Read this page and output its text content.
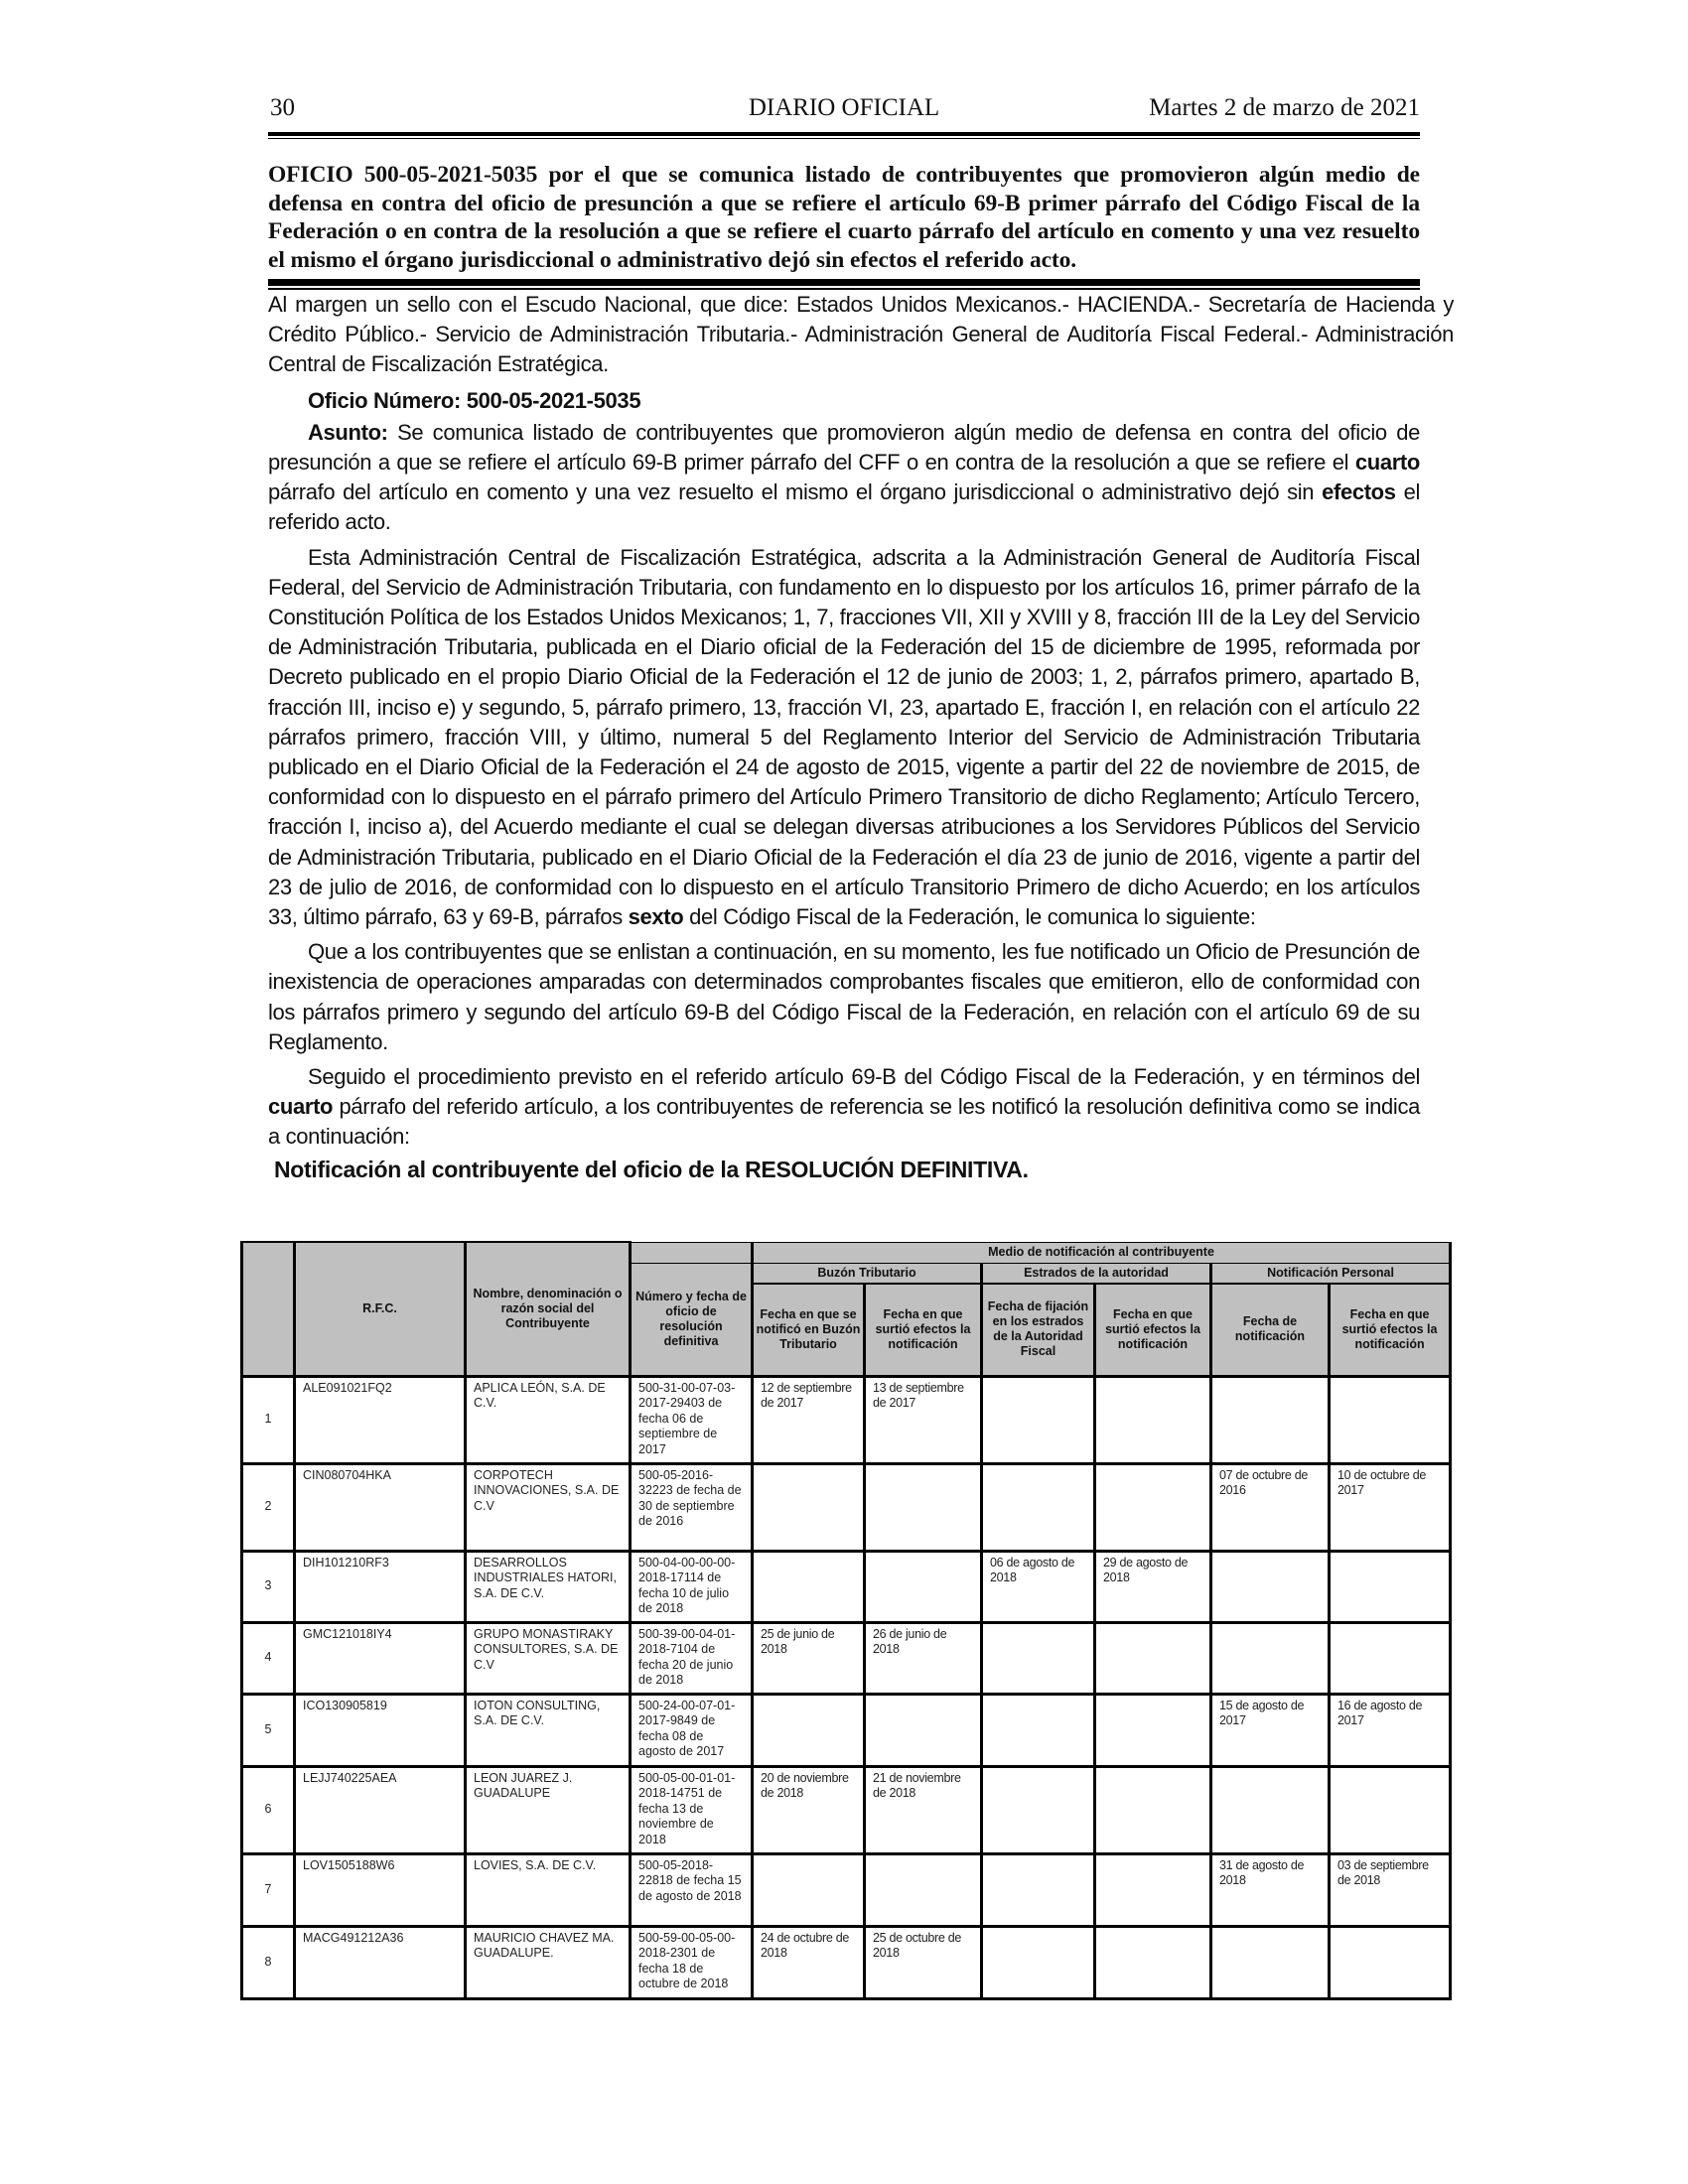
30	DIARIO OFICIAL	Martes 2 de marzo de 2021
OFICIO 500-05-2021-5035 por el que se comunica listado de contribuyentes que promovieron algún medio de defensa en contra del oficio de presunción a que se refiere el artículo 69-B primer párrafo del Código Fiscal de la Federación o en contra de la resolución a que se refiere el cuarto párrafo del artículo en comento y una vez resuelto el mismo el órgano jurisdiccional o administrativo dejó sin efectos el referido acto.

Al margen un sello con el Escudo Nacional, que dice: Estados Unidos Mexicanos.- HACIENDA.- Secretaría de Hacienda y Crédito Público.- Servicio de Administración Tributaria.- Administración General de Auditoría Fiscal Federal.- Administración Central de Fiscalización Estratégica.

Oficio Número: 500-05-2021-5035

Asunto: Se comunica listado de contribuyentes que promovieron algún medio de defensa en contra del oficio de presunción a que se refiere el artículo 69-B primer párrafo del CFF o en contra de la resolución a que se refiere el cuarto párrafo del artículo en comento y una vez resuelto el mismo el órgano jurisdiccional o administrativo dejó sin efectos el referido acto.

Esta Administración Central de Fiscalización Estratégica, adscrita a la Administración General de Auditoría Fiscal Federal, del Servicio de Administración Tributaria, con fundamento en lo dispuesto por los artículos 16, primer párrafo de la Constitución Política de los Estados Unidos Mexicanos; 1, 7, fracciones VII, XII y XVIII y 8, fracción III de la Ley del Servicio de Administración Tributaria, publicada en el Diario oficial de la Federación del 15 de diciembre de 1995, reformada por Decreto publicado en el propio Diario Oficial de la Federación el 12 de junio de 2003; 1, 2, párrafos primero, apartado B, fracción III, inciso e) y segundo, 5, párrafo primero, 13, fracción VI, 23, apartado E, fracción I, en relación con el artículo 22 párrafos primero, fracción VIII, y último, numeral 5 del Reglamento Interior del Servicio de Administración Tributaria publicado en el Diario Oficial de la Federación el 24 de agosto de 2015, vigente a partir del 22 de noviembre de 2015, de conformidad con lo dispuesto en el párrafo primero del Artículo Primero Transitorio de dicho Reglamento; Artículo Tercero, fracción I, inciso a), del Acuerdo mediante el cual se delegan diversas atribuciones a los Servidores Públicos del Servicio de Administración Tributaria, publicado en el Diario Oficial de la Federación el día 23 de junio de 2016, vigente a partir del 23 de julio de 2016, de conformidad con lo dispuesto en el artículo Transitorio Primero de dicho Acuerdo; en los artículos 33, último párrafo, 63 y 69-B, párrafos sexto del Código Fiscal de la Federación, le comunica lo siguiente:

Que a los contribuyentes que se enlistan a continuación, en su momento, les fue notificado un Oficio de Presunción de inexistencia de operaciones amparadas con determinados comprobantes fiscales que emitieron, ello de conformidad con los párrafos primero y segundo del artículo 69-B del Código Fiscal de la Federación, en relación con el artículo 69 de su Reglamento.

Seguido el procedimiento previsto en el referido artículo 69-B del Código Fiscal de la Federación, y en términos del cuarto párrafo del referido artículo, a los contribuyentes de referencia se les notificó la resolución definitiva como se indica a continuación:

Notificación al contribuyente del oficio de la RESOLUCIÓN DEFINITIVA.
	R.F.C.	Nombre, denominación o razón social del Contribuyente		Medio de notificación al contribuyente					
			Número y fecha de oficio de resolución definitiva	Buzón Tributario		Estrados de la autoridad		Notificación Personal	
				Fecha en que se notificó en Buzón Tributario	Fecha en que surtió efectos la notificación	Fecha de fijación en los estrados de la Autoridad Fiscal	Fecha en que surtió efectos la notificación	Fecha de notificación	Fecha en que surtió efectos la notificación
1	ALE091021FQ2	APLICA LEÓN, S.A. DE C.V.	500-31-00-07-03-2017-29403 de fecha 06 de septiembre de 2017	12 de septiembre de 2017	13 de septiembre de 2017				
2	CIN080704HKA	CORPOTECH INNOVACIONES, S.A. DE C.V	500-05-2016-32223 de fecha de 30 de septiembre de 2016					07 de octubre de 2016	10 de octubre de 2017
3	DIH101210RF3	DESARROLLOS INDUSTRIALES HATORI, S.A. DE C.V.	500-04-00-00-00-2018-17114 de fecha 10 de julio de 2018			06 de agosto de 2018	29 de agosto de 2018		
4	GMC121018IY4	GRUPO MONASTIRAKY CONSULTORES, S.A. DE C.V	500-39-00-04-01-2018-7104 de fecha 20 de junio de 2018	25 de junio de 2018	26 de junio de 2018				
5	ICO130905819	IOTON CONSULTING, S.A. DE C.V.	500-24-00-07-01-2017-9849 de fecha 08 de agosto de 2017					15 de agosto de 2017	16 de agosto de 2017
6	LEJJ740225AEA	LEON JUAREZ J. GUADALUPE	500-05-00-01-01-2018-14751 de fecha 13 de noviembre de 2018	20 de noviembre de 2018	21 de noviembre de 2018				
7	LOV1505188W6	LOVIES, S.A. DE C.V.	500-05-2018-22818 de fecha 15 de agosto de 2018					31 de agosto de 2018	03 de septiembre de 2018
8	MACG491212A36	MAURICIO CHAVEZ MA. GUADALUPE.	500-59-00-05-00-2018-2301 de fecha 18 de octubre de 2018	24 de octubre de 2018	25 de octubre de 2018				
